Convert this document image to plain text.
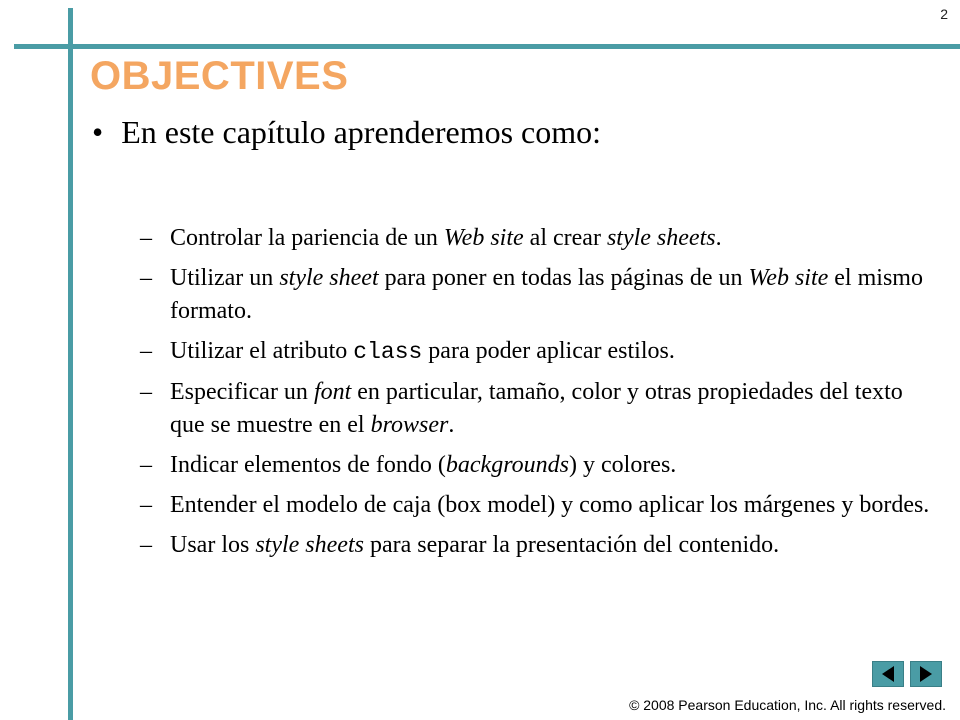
2
OBJECTIVES
• En este capítulo aprenderemos como:
– Controlar la pariencia de un Web site al crear style sheets.
– Utilizar un style sheet para poner en todas las páginas de un Web site el mismo formato.
– Utilizar el atributo class para poder aplicar estilos.
– Especificar un font en particular, tamaño, color y otras propiedades del texto que se muestre en el browser.
– Indicar elementos de fondo (backgrounds) y colores.
– Entender el modelo de caja (box model) y como aplicar los márgenes y bordes.
– Usar los style sheets para separar la presentación del contenido.
© 2008 Pearson Education, Inc. All rights reserved.
